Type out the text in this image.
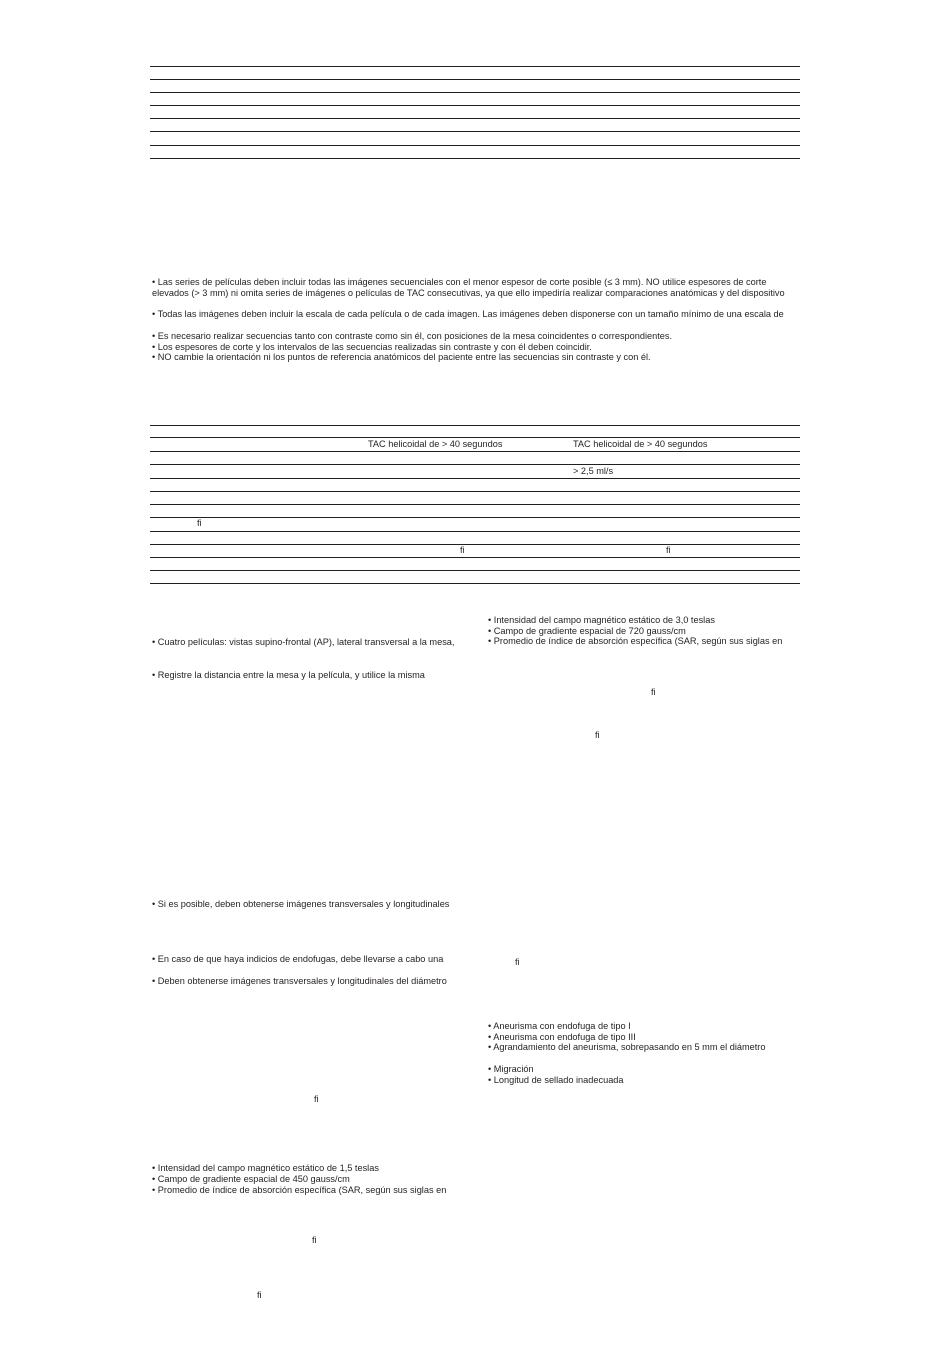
• Las series de películas deben incluir todas las imágenes secuenciales con el menor espesor de corte posible (≤ 3 mm). NO utilice espesores de corte

elevados (> 3 mm) ni omita series de imágenes o películas de TAC consecutivas, ya que ello impediría realizar comparaciones anatómicas y del dispositivo

• Todas las imágenes deben incluir la escala de cada película o de cada imagen. Las imágenes deben disponerse con un tamaño mínimo de una escala de

• Es necesario realizar secuencias tanto con contraste como sin él, con posiciones de la mesa coincidentes o correspondientes.

• Los espesores de corte y los intervalos de las secuencias realizadas sin contraste y con él deben coincidir.

• NO cambie la orientación ni los puntos de referencia anatómicos del paciente entre las secuencias sin contraste y con él.

TAC helicoidal de > 40 segundos	TAC helicoidal de > 40 segundos

> 2,5 ml/s

ﬁ
ﬁ	ﬁ

• Cuatro películas: vistas supino-frontal (AP), lateral transversal a la mesa,

• Registre la distancia entre la mesa y la película, y utilice la misma

• Si es posible, deben obtenerse imágenes transversales y longitudinales

• En caso de que haya indicios de endofugas, debe llevarse a cabo una

• Deben obtenerse imágenes transversales y longitudinales del diámetro

ﬁ

• Intensidad del campo magnético estático de 1,5 teslas

• Campo de gradiente espacial de 450 gauss/cm

• Promedio de índice de absorción específica (SAR, según sus siglas en

ﬁ
ﬁ

• Intensidad del campo magnético estático de 3,0 teslas

• Campo de gradiente espacial de 720 gauss/cm

• Promedio de índice de absorción específica (SAR, según sus siglas en

ﬁ
ﬁ
ﬁ

• Aneurisma con endofuga de tipo I

• Aneurisma con endofuga de tipo III

• Agrandamiento del aneurisma, sobrepasando en 5 mm el diámetro

• Migración

• Longitud de sellado inadecuada
